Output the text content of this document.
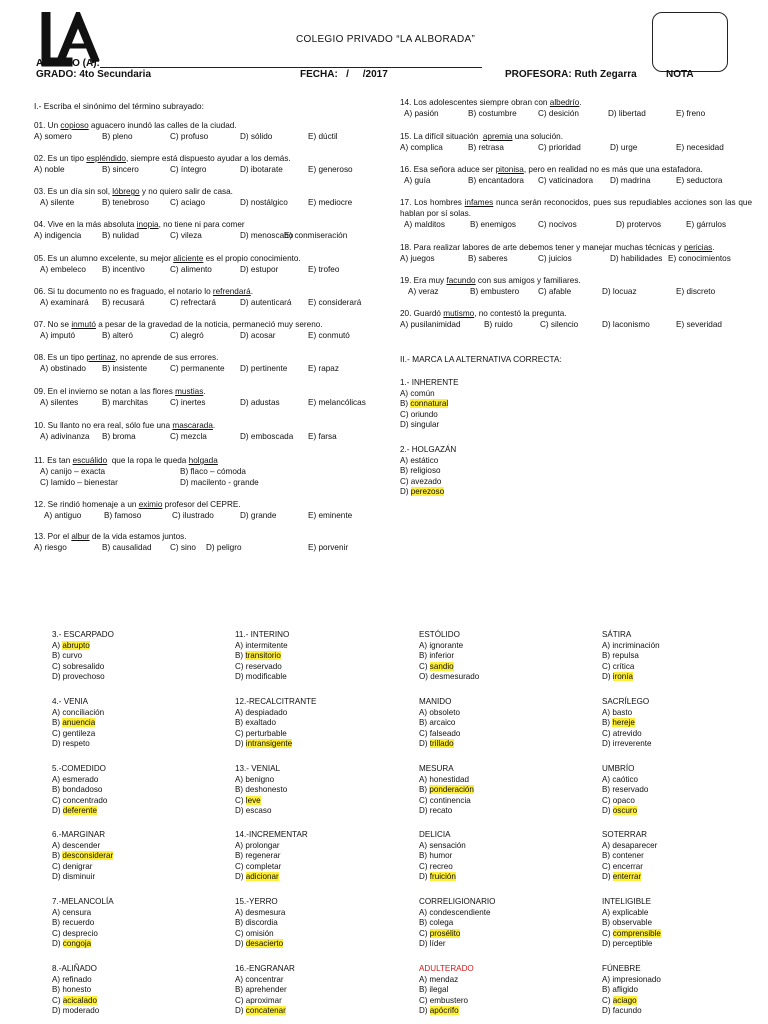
COLEGIO PRIVADO “LA ALBORADA”
ALUMNO (A):
GRADO: 4to Secundaria	FECHA:   /     /2017	PROFESORA: Ruth Zegarra	NOTA
I.- Escriba el sinónimo del término subrayado:
01. Un copioso aguacero inundó las calles de la ciudad.
A) somero	B) pleno	C) profuso	D) sólido	E) dúctil
02. Es un tipo espléndido, siempre está dispuesto ayudar a los demás.
A) noble	B) sincero	C) íntegro	D) ibotarate	E) generoso
03. Es un día sin sol, lóbrego y no quiero salir de casa.
A) silente	B) tenebroso	C) aciago	D) nostálgico E) mediocre
04. Vive en la más absoluta inopia, no tiene ni para comer
A) indigencia	B) nulidad	C) vileza	D) menoscabo
E) conmiseración
05. Es un alumno excelente, su mejor aliciente es el propio conocimiento.
A) embeleco B) incentivo	C) alimento	D) estupor	E) trofeo
06. Si tu documento no es fraguado, el notario lo refrendará.
A) examinará B) recusará	C) refrectará	D) autenticará E) considerará
07. No se inmutó a pesar de la gravedad de la noticia, permaneció muy sereno.
A) imputó	B) alteró	C) alegró	D) acosar	E) conmutó
08. Es un tipo pertinaz, no aprende de sus errores.
A) obstinado B) insistente	C) permanente D) pertinente	E) rapaz
09. En el invierno se notan a las flores mustias.
A) silentes	B) marchitas	C) inertes	D) adustas	E) melancólicas
10. Su llanto no era real, sólo fue una mascarada.
A) adivinanza B) broma	C) mezcla	D) emboscada E) farsa
13. Por el albur de la vida estamos juntos.
A) riesgo	B) causalidad C) sino D) peligro	E) porvenir
11. Es tan escuálido  que la ropa le queda holgada
A) canijo – exacta	B) flaco – cómoda
C) lamido – bienestar	D) macilento - grande
12. Se rindió homenaje a un eximio profesor del CEPRE.
A) antiguo	B) famoso	C) ilustrado	D) grande	E) eminente
14. Los adolescentes siempre obran con albedrío.
A) pasión	B) costumbre	C) desición	D) libertad	E) freno
15. La difícil situación  apremia una solución.
A) complica	B) retrasa	C) prioridad	D) urge	E) necesidad
16. Esa señora aduce ser pitonisa, pero en realidad no es más que una estafadora.
A) guía	B) encantadora C) vaticinadora D) madrina	E) seductora
18. Para realizar labores de arte debemos tener y manejar muchas técnicas y pericias.
A) juegos	B) saberes	C) juicios	D) habilidades E) conocimientos
19. Era muy facundo con sus amigos y familiares.
A) veraz	B) embustero C) afable	D) locuaz	E) discreto
20. Guardó mutismo, no contestó la pregunta.
A) pusilanimidad	B) ruido	C) silencio	D) laconismo	E) severidad
17. Los hombres infames nunca serán reconocidos, pues sus repudiables acciones son las que hablan por sí solas.
A) malditos	B) enemigos	C) nocivos	D) protervos	E) gárrulos
II.- MARCA LA ALTERNATIVA CORRECTA:
1.- INHERENTE
A) común
B) connatural
C) oriundo
D) singular
2.- HOLGAZÁN
A) estático
B) religioso
C) avezado
D) perezoso
3.- ESCARPADO
A) abrupto
B) curvo
C) sobresalido
D) provechoso
4.- VENIA
A) conciliación
B) anuencia
C) gentileza
D) respeto
5.-COMEDIDO
A) esmerado
B) bondadoso
C) concentrado
D) deferente
6.-MARGINAR
A) descender
B) desconsiderar
C) denigrar
D) disminuir
7.-MELANCOLÍA
A) censura
B) recuerdo
C) desprecio
D) congoja
8.-ALIÑADO
A) refinado
B) honesto
C) acicalado
D) moderado
11.- INTERINO
A) intermitente
B) transitorio
C) reservado
D) modificable
12.-RECALCITRANTE
A) despiadado
B) exaltado
C) perturbable
D) intransigente
13.- VENIAL
A) benigno
B) deshonesto
C) leve
D) escaso
14.-INCREMENTAR
A) prolongar
B) regenerar
C) completar
D) adicionar
15.-YERRO
A) desmesura
B) discordia
C) omisión
D) desacierto
16.-ENGRANAR
A) concentrar
B) aprehender
C) aproximar
D) concatenar
ESTÓLIDO
A) ignorante
B) inferior
C) sandio
O) desmesurado
MANIDO
A) obsoleto
B) arcaico
C) falseado
D) trillado
MESURA
A) honestidad
B) ponderación
C) continencia
D) recato
DELICIA
A) sensación
B) humor
C) recreo
D) fruición
CORRELIGIONARIO
A) condescendiente
B) colega
C) prosélito
D) líder
ADULTERADO
A) mendaz
B) ilegal
C) embustero
D) apócrifo
SÁTIRA
A) incriminación
B) repulsa
C) crítica
D) ironía
SACRÍLEGO
A) basto
B) hereje
C) atrevido
D) irreverente
UMBRÍO
A) caótico
B) reservado
C) opaco
D) oscuro
SOTERRAR
A) desaparecer
B) contener
C) encerrar
D) enterrar
INTELIGIBLE
A) explicable
B) observable
C) comprensible
D) perceptible
FÚNEBRE
A) impresionado
B) afligido
C) aciago
D) facundo
